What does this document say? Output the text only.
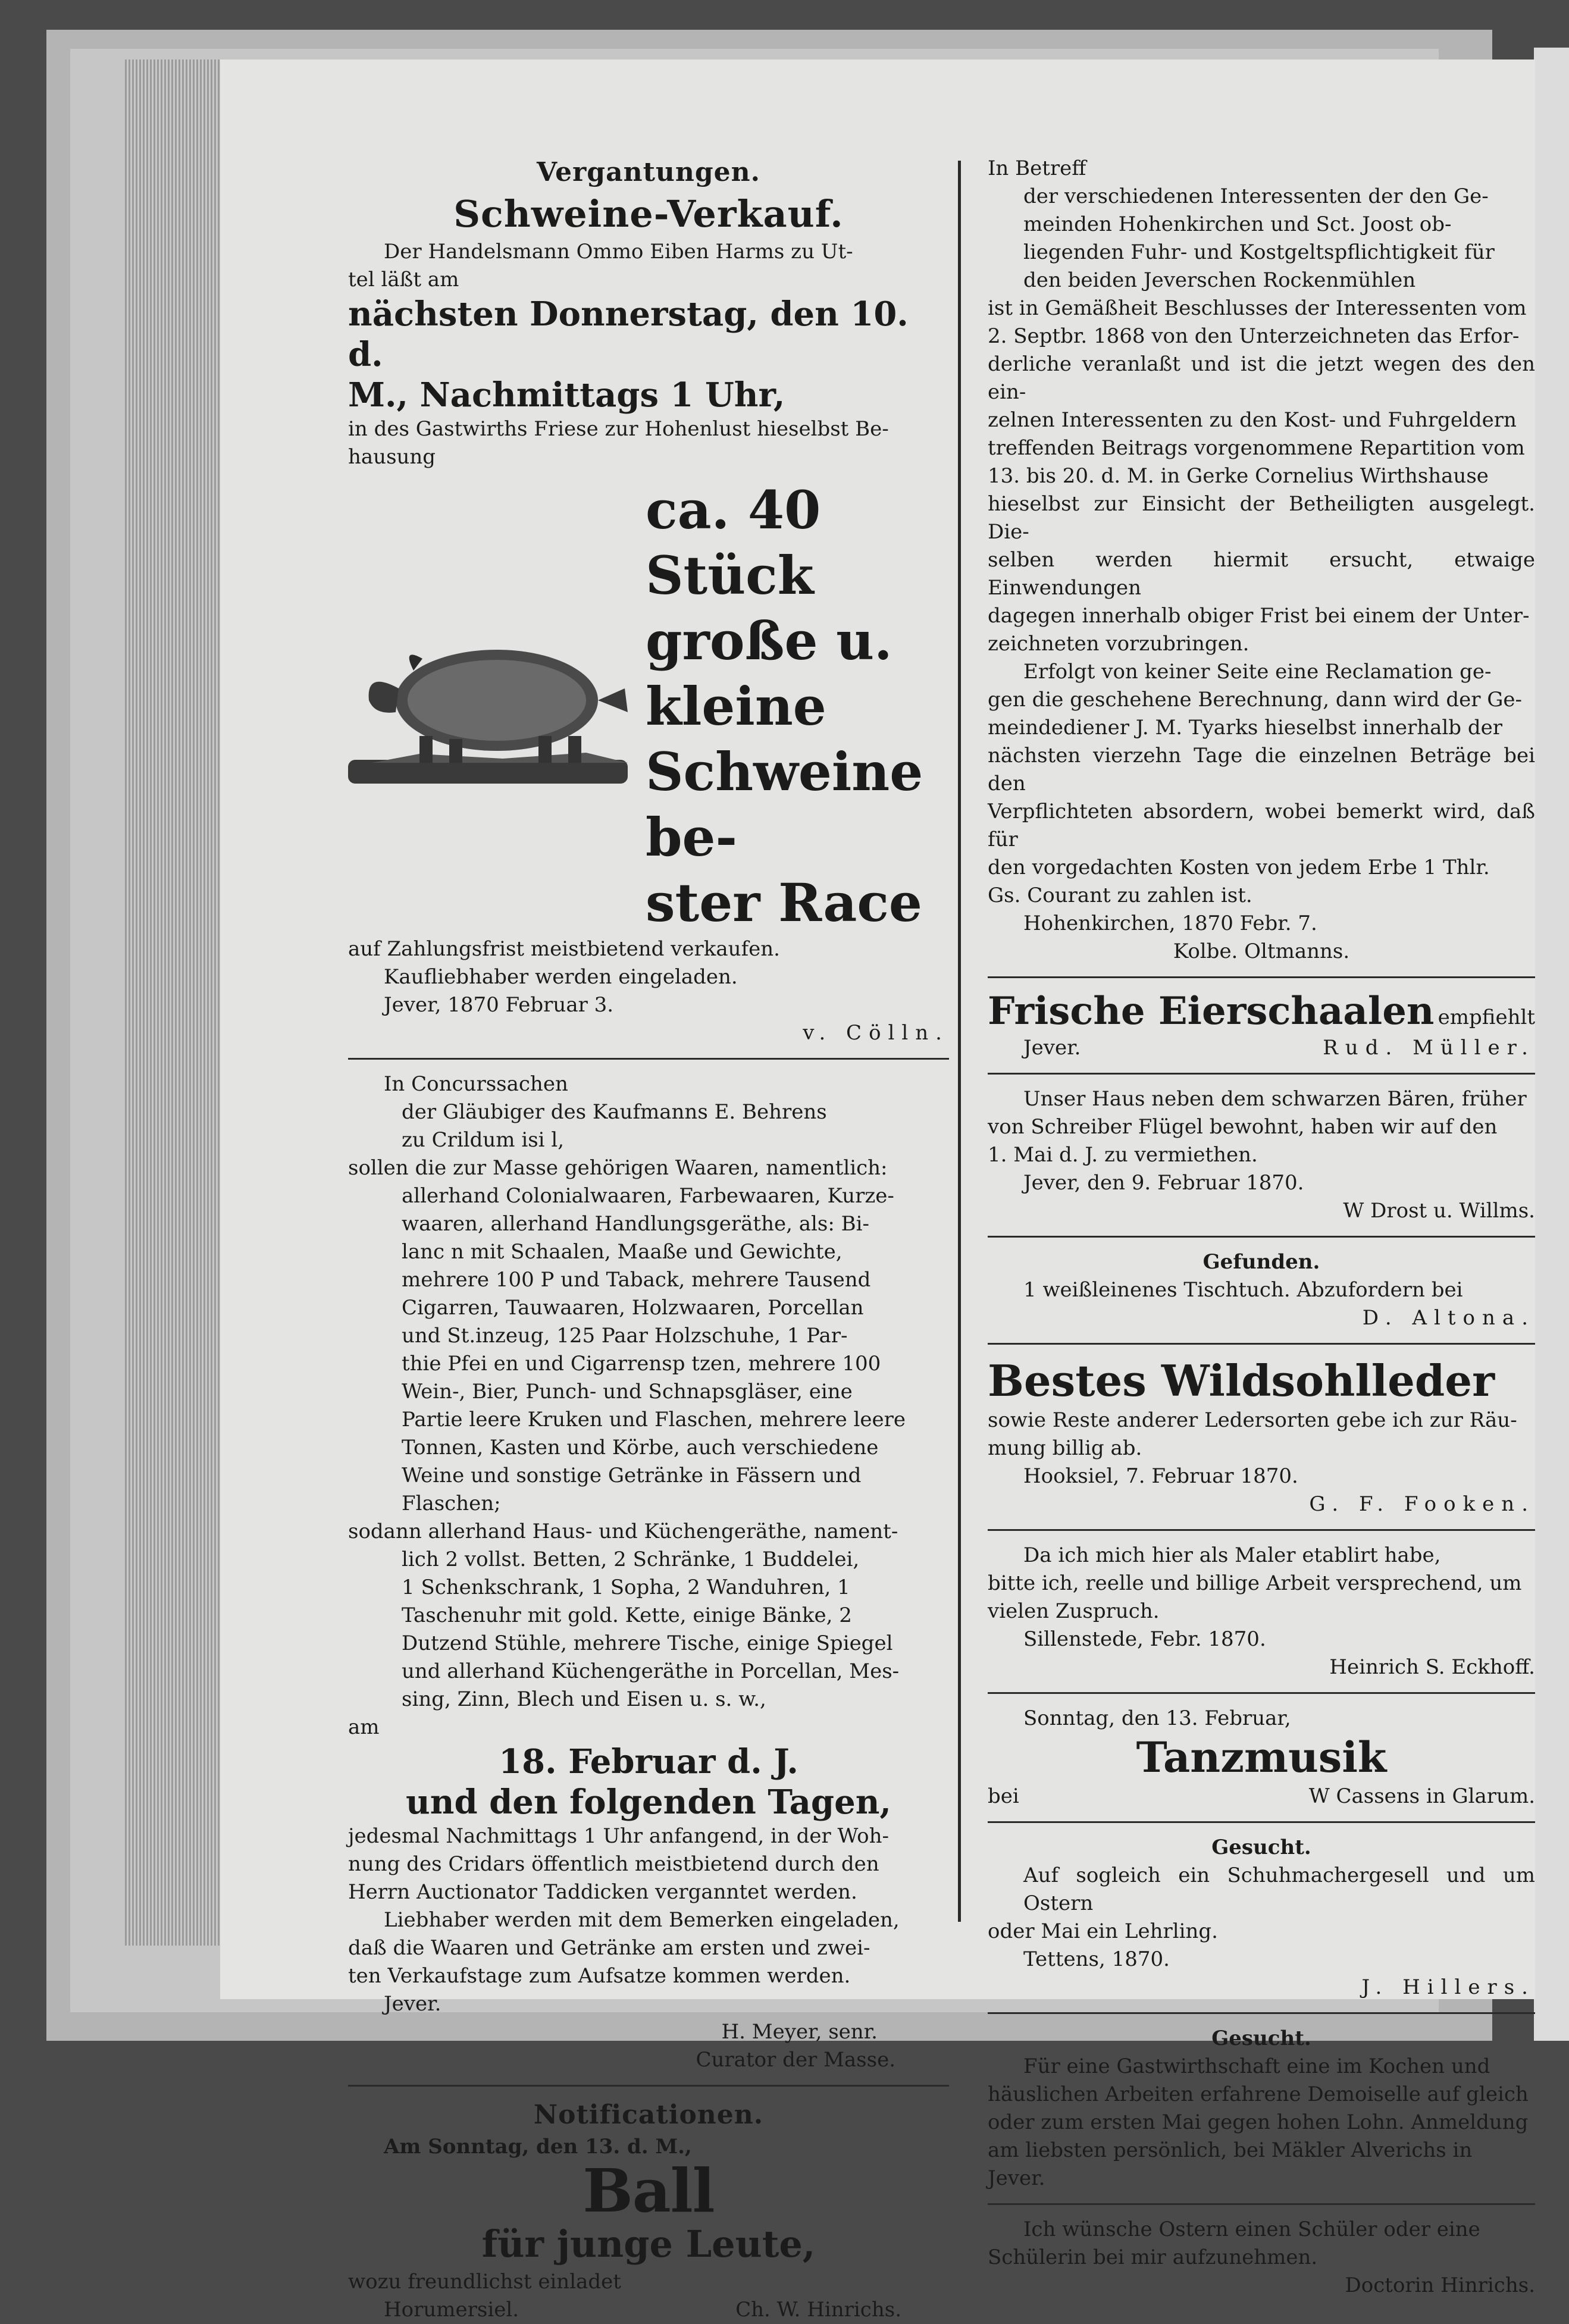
Vergantungen.

Schweine-Verkauf.

Der Handelsmann Ommo Eiben Harms zu Ut-

tel läßt am

nächsten Donnerstag, den 10. d.

M., Nachmittags 1 Uhr,

in des Gastwirths Friese zur Hohenlust hieselbst Be-

hausung

ca. 40 Stück

große u. kleine

Schweine be-

ster Race

auf Zahlungsfrist meistbietend verkaufen.

Kaufliebhaber werden eingeladen.

Jever, 1870 Februar 3.

v. Cölln.

In Concurssachen

der Gläubiger des Kaufmanns E. Behrens

zu Crildum isi l,

sollen die zur Masse gehörigen Waaren, namentlich:

allerhand Colonialwaaren, Farbewaaren, Kurze-

waaren, allerhand Handlungsgeräthe, als: Bi-

lanc n mit Schaalen, Maaße und Gewichte,

mehrere 100 P und Taback, mehrere Tausend

Cigarren, Tauwaaren, Holzwaaren, Porcellan

und St.inzeug, 125 Paar Holzschuhe, 1 Par-

thie Pfei en und Cigarrensp tzen, mehrere 100

Wein-, Bier, Punch- und Schnapsgläser, eine

Partie leere Kruken und Flaschen, mehrere leere

Tonnen, Kasten und Körbe, auch verschiedene

Weine und sonstige Getränke in Fässern und

Flaschen;

sodann allerhand Haus- und Küchengeräthe, nament-

lich 2 vollst. Betten, 2 Schränke, 1 Buddelei,

1 Schenkschrank, 1 Sopha, 2 Wanduhren, 1

Taschenuhr mit gold. Kette, einige Bänke, 2

Dutzend Stühle, mehrere Tische, einige Spiegel

und allerhand Küchengeräthe in Porcellan, Mes-

sing, Zinn, Blech und Eisen u. s. w.,

am

18. Februar d. J.

und den folgenden Tagen,

jedesmal Nachmittags 1 Uhr anfangend, in der Woh-

nung des Cridars öffentlich meistbietend durch den

Herrn Auctionator Taddicken verganntet werden.

Liebhaber werden mit dem Bemerken eingeladen,

daß die Waaren und Getränke am ersten und zwei-

ten Verkaufstage zum Aufsatze kommen werden.

Jever.

H. Meyer, senr.

Curator der Masse.

Notificationen.

Am Sonntag, den 13. d. M.,

Ball

für junge Leute,

wozu freundlichst einladet

Horumersiel.	Ch. W. Hinrichs.

In Betreff

der verschiedenen Interessenten der den Ge-

meinden Hohenkirchen und Sct. Joost ob-

liegenden Fuhr- und Kostgeltspflichtigkeit für

den beiden Jeverschen Rockenmühlen

ist in Gemäßheit Beschlusses der Interessenten vom

2. Septbr. 1868 von den Unterzeichneten das Erfor-

derliche veranlaßt und ist die jetzt wegen des den ein-

zelnen Interessenten zu den Kost- und Fuhrgeldern

treffenden Beitrags vorgenommene Repartition vom

13. bis 20. d. M. in Gerke Cornelius Wirthshause

hieselbst zur Einsicht der Betheiligten ausgelegt. Die-

selben werden hiermit ersucht, etwaige Einwendungen

dagegen innerhalb obiger Frist bei einem der Unter-

zeichneten vorzubringen.

Erfolgt von keiner Seite eine Reclamation ge-

gen die geschehene Berechnung, dann wird der Ge-

meindediener J. M. Tyarks hieselbst innerhalb der

nächsten vierzehn Tage die einzelnen Beträge bei den

Verpflichteten absordern, wobei bemerkt wird, daß für

den vorgedachten Kosten von jedem Erbe 1 Thlr.

Gs. Courant zu zahlen ist.

Hohenkirchen, 1870 Febr. 7.

Kolbe. Oltmanns.

Frische Eierschaalen empfiehlt

Jever.	Rud. Müller.

Unser Haus neben dem schwarzen Bären, früher

von Schreiber Flügel bewohnt, haben wir auf den

1. Mai d. J. zu vermiethen.

Jever, den 9. Februar 1870.

W Drost u. Willms.

Gefunden.

1 weißleinenes Tischtuch. Abzufordern bei

D. Altona.

Bestes Wildsohlleder

sowie Reste anderer Ledersorten gebe ich zur Räu-

mung billig ab.

Hooksiel, 7. Februar 1870.

G. F. Fooken.

Da ich mich hier als Maler etablirt habe,

bitte ich, reelle und billige Arbeit versprechend, um

vielen Zuspruch.

Sillenstede, Febr. 1870.

Heinrich S. Eckhoff.

Sonntag, den 13. Februar,

Tanzmusik

bei	W Cassens in Glarum.

Gesucht.

Auf sogleich ein Schuhmachergesell und um Ostern

oder Mai ein Lehrling.

Tettens, 1870.

J. Hillers.

Gesucht.

Für eine Gastwirthschaft eine im Kochen und

häuslichen Arbeiten erfahrene Demoiselle auf gleich

oder zum ersten Mai gegen hohen Lohn. Anmeldung

am liebsten persönlich, bei Mäkler Alverichs in

Jever.

Ich wünsche Ostern einen Schüler oder eine

Schülerin bei mir aufzunehmen.

Doctorin Hinrichs.
